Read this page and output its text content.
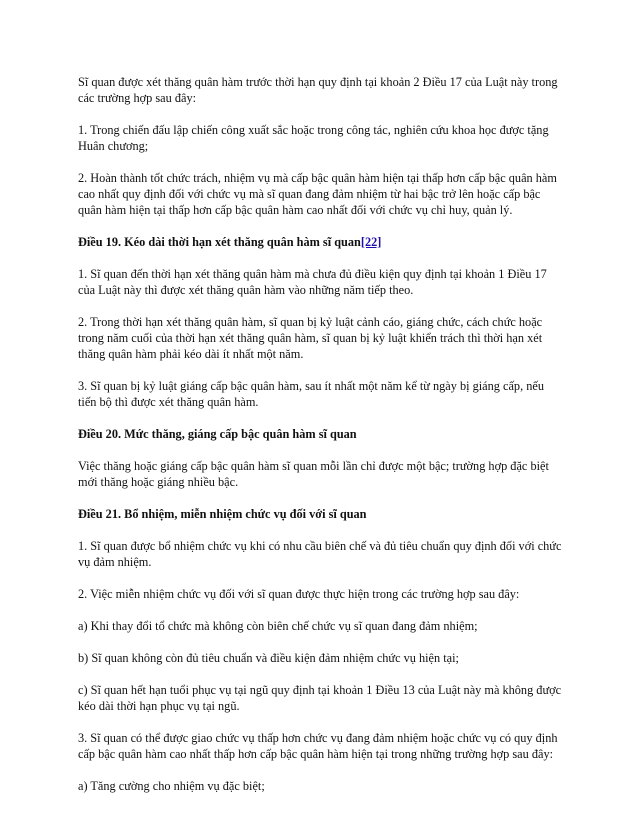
Sĩ quan được xét thăng quân hàm trước thời hạn quy định tại khoản 2 Điều 17 của Luật này trong các trường hợp sau đây:

1. Trong chiến đấu lập chiến công xuất sắc hoặc trong công tác, nghiên cứu khoa học được tặng Huân chương;

2. Hoàn thành tốt chức trách, nhiệm vụ mà cấp bậc quân hàm hiện tại thấp hơn cấp bậc quân hàm cao nhất quy định đối với chức vụ mà sĩ quan đang đảm nhiệm từ hai bậc trở lên hoặc cấp bậc quân hàm hiện tại thấp hơn cấp bậc quân hàm cao nhất đối với chức vụ chỉ huy, quản lý.

Điều 19. Kéo dài thời hạn xét thăng quân hàm sĩ quan[22]

1. Sĩ quan đến thời hạn xét thăng quân hàm mà chưa đủ điều kiện quy định tại khoản 1 Điều 17 của Luật này thì được xét thăng quân hàm vào những năm tiếp theo.

2. Trong thời hạn xét thăng quân hàm, sĩ quan bị kỷ luật cảnh cáo, giáng chức, cách chức hoặc trong năm cuối của thời hạn xét thăng quân hàm, sĩ quan bị kỷ luật khiển trách thì thời hạn xét thăng quân hàm phải kéo dài ít nhất một năm.

3. Sĩ quan bị kỷ luật giáng cấp bậc quân hàm, sau ít nhất một năm kể từ ngày bị giáng cấp, nếu tiến bộ thì được xét thăng quân hàm.

Điều 20. Mức thăng, giáng cấp bậc quân hàm sĩ quan

Việc thăng hoặc giáng cấp bậc quân hàm sĩ quan mỗi lần chỉ được một bậc; trường hợp đặc biệt mới thăng hoặc giáng nhiều bậc.

Điều 21. Bổ nhiệm, miễn nhiệm chức vụ đối với sĩ quan

1. Sĩ quan được bổ nhiệm chức vụ khi có nhu cầu biên chế và đủ tiêu chuẩn quy định đối với chức vụ đảm nhiệm.

2. Việc miễn nhiệm chức vụ đối với sĩ quan được thực hiện trong các trường hợp sau đây:

a) Khi thay đổi tổ chức mà không còn biên chế chức vụ sĩ quan đang đảm nhiệm;

b) Sĩ quan không còn đủ tiêu chuẩn và điều kiện đảm nhiệm chức vụ hiện tại;

c) Sĩ quan hết hạn tuổi phục vụ tại ngũ quy định tại khoản 1 Điều 13 của Luật này mà không được kéo dài thời hạn phục vụ tại ngũ.

3. Sĩ quan có thể được giao chức vụ thấp hơn chức vụ đang đảm nhiệm hoặc chức vụ có quy định cấp bậc quân hàm cao nhất thấp hơn cấp bậc quân hàm hiện tại trong những trường hợp sau đây:

a) Tăng cường cho nhiệm vụ đặc biệt;
